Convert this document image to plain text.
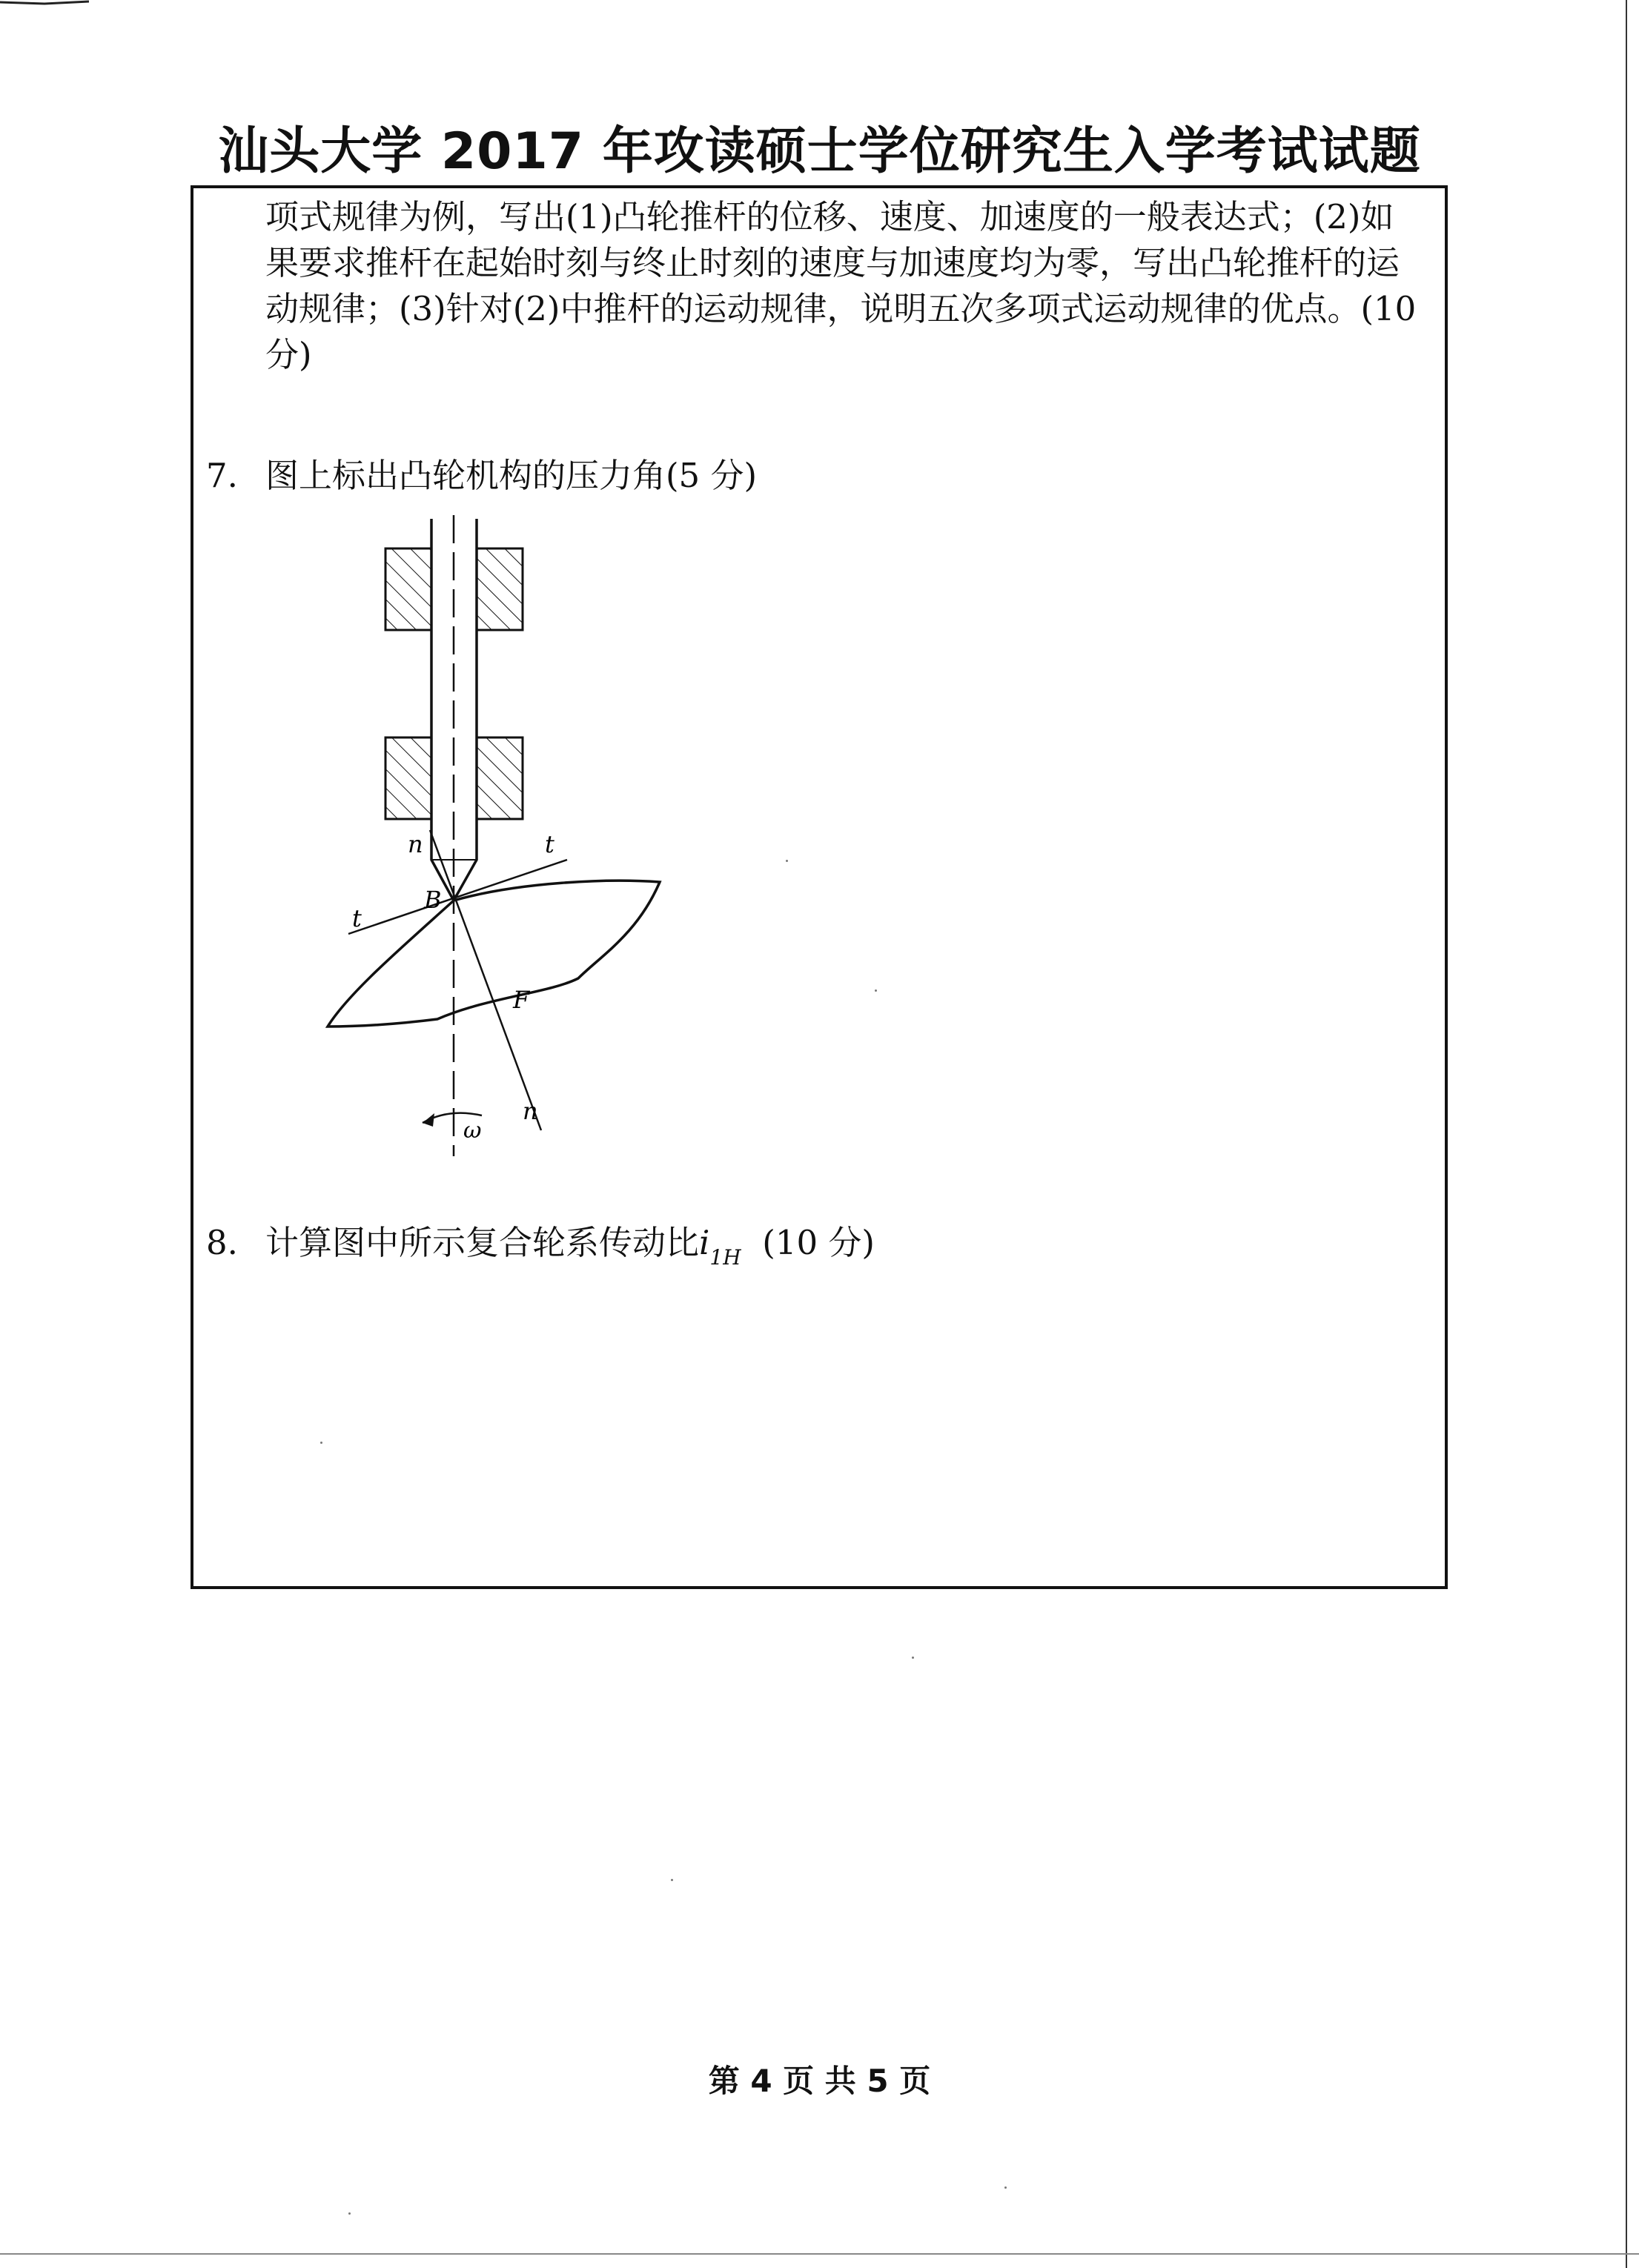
汕头大学 2017 年攻读硕士学位研究生入学考试试题

项式规律为例，写出(1)凸轮推杆的位移、速度、加速度的一般表达式；(2)如果要求推杆在起始时刻与终止时刻的速度与加速度均为零，写出凸轮推杆的运动规律；(3)针对(2)中推杆的运动规律，说明五次多项式运动规律的优点。(10 分)

7. 图上标出凸轮机构的压力角(5 分)
n	t
B
t
F
ω
n
8. 计算图中所示复合轮系传动比$i_{1H}$ (10 分)
第 4 页 共 5 页
